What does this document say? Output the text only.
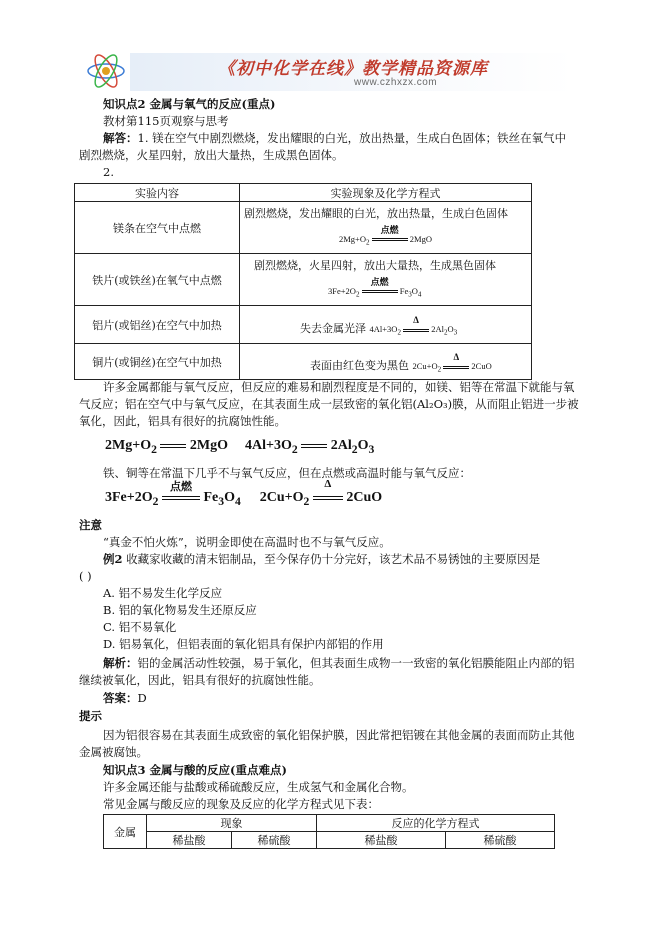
《初中化学在线》教学精品资源库
www.czhxzx.com
知识点2 金属与氧气的反应(重点)
教材第115页观察与思考
解答：1. 镁在空气中剧烈燃烧，发出耀眼的白光，放出热量，生成白色固体；铁丝在氧气中
剧烈燃烧，火星四射，放出大量热，生成黑色固体。
2.
实验内容	实验现象及化学方程式
镁条在空气中点燃	剧烈燃烧，发出耀眼的白光，放出热量，生成白色固体
$2Mg+O_2$
点燃
2MgO

铁片(或铁丝)在氧气中点燃	剧烈燃烧，火星四射，放出大量热，生成黑色固体
$3Fe+2O_2$
点燃
$Fe_3O_4$

铝片(或铝丝)在空气中加热	失去金属光泽 $4Al+3O_2$
Δ
$2Al_2O_3$
铜片(或铜丝)在空气中加热	表面由红色变为黑色 $2Cu+O_2$
Δ
2CuO
许多金属都能与氧气反应，但反应的难易和剧烈程度是不同的，如镁、铝等在常温下就能与氧
气反应；铝在空气中与氧气反应，在其表面生成一层致密的氧化铝(Al₂O₃)膜，从而阻止铝进一步被
氧化，因此，铝具有很好的抗腐蚀性能。
$2Mg+O_2$ 2MgO $4Al+3O_2$ $2Al_2O_3$
铁、铜等在常温下几乎不与氧气反应，但在点燃或高温时能与氧气反应：
$3Fe+2O_2$
点燃
$Fe_3O_4$ $2Cu+O_2$
Δ
2CuO
注意
“真金不怕火炼”，说明金即使在高温时也不与氧气反应。
例2 收藏家收藏的清末铝制品，至今保存仍十分完好，该艺术品不易锈蚀的主要原因是
( )
A. 铝不易发生化学反应
B. 铝的氧化物易发生还原反应
C. 铝不易氧化
D. 铝易氧化，但铝表面的氧化铝具有保护内部铝的作用
解析：铝的金属活动性较强，易于氧化，但其表面生成物一一致密的氧化铝膜能阻止内部的铝
继续被氧化，因此，铝具有很好的抗腐蚀性能。
答案：D
提示
因为铝很容易在其表面生成致密的氧化铝保护膜，因此常把铝镀在其他金属的表面而防止其他
金属被腐蚀。
知识点3 金属与酸的反应(重点难点)
许多金属还能与盐酸或稀硫酸反应，生成氢气和金属化合物。
常见金属与酸反应的现象及反应的化学方程式见下表：
金属	现象		反应的化学方程式	
	稀盐酸	稀硫酸	稀盐酸	稀硫酸
